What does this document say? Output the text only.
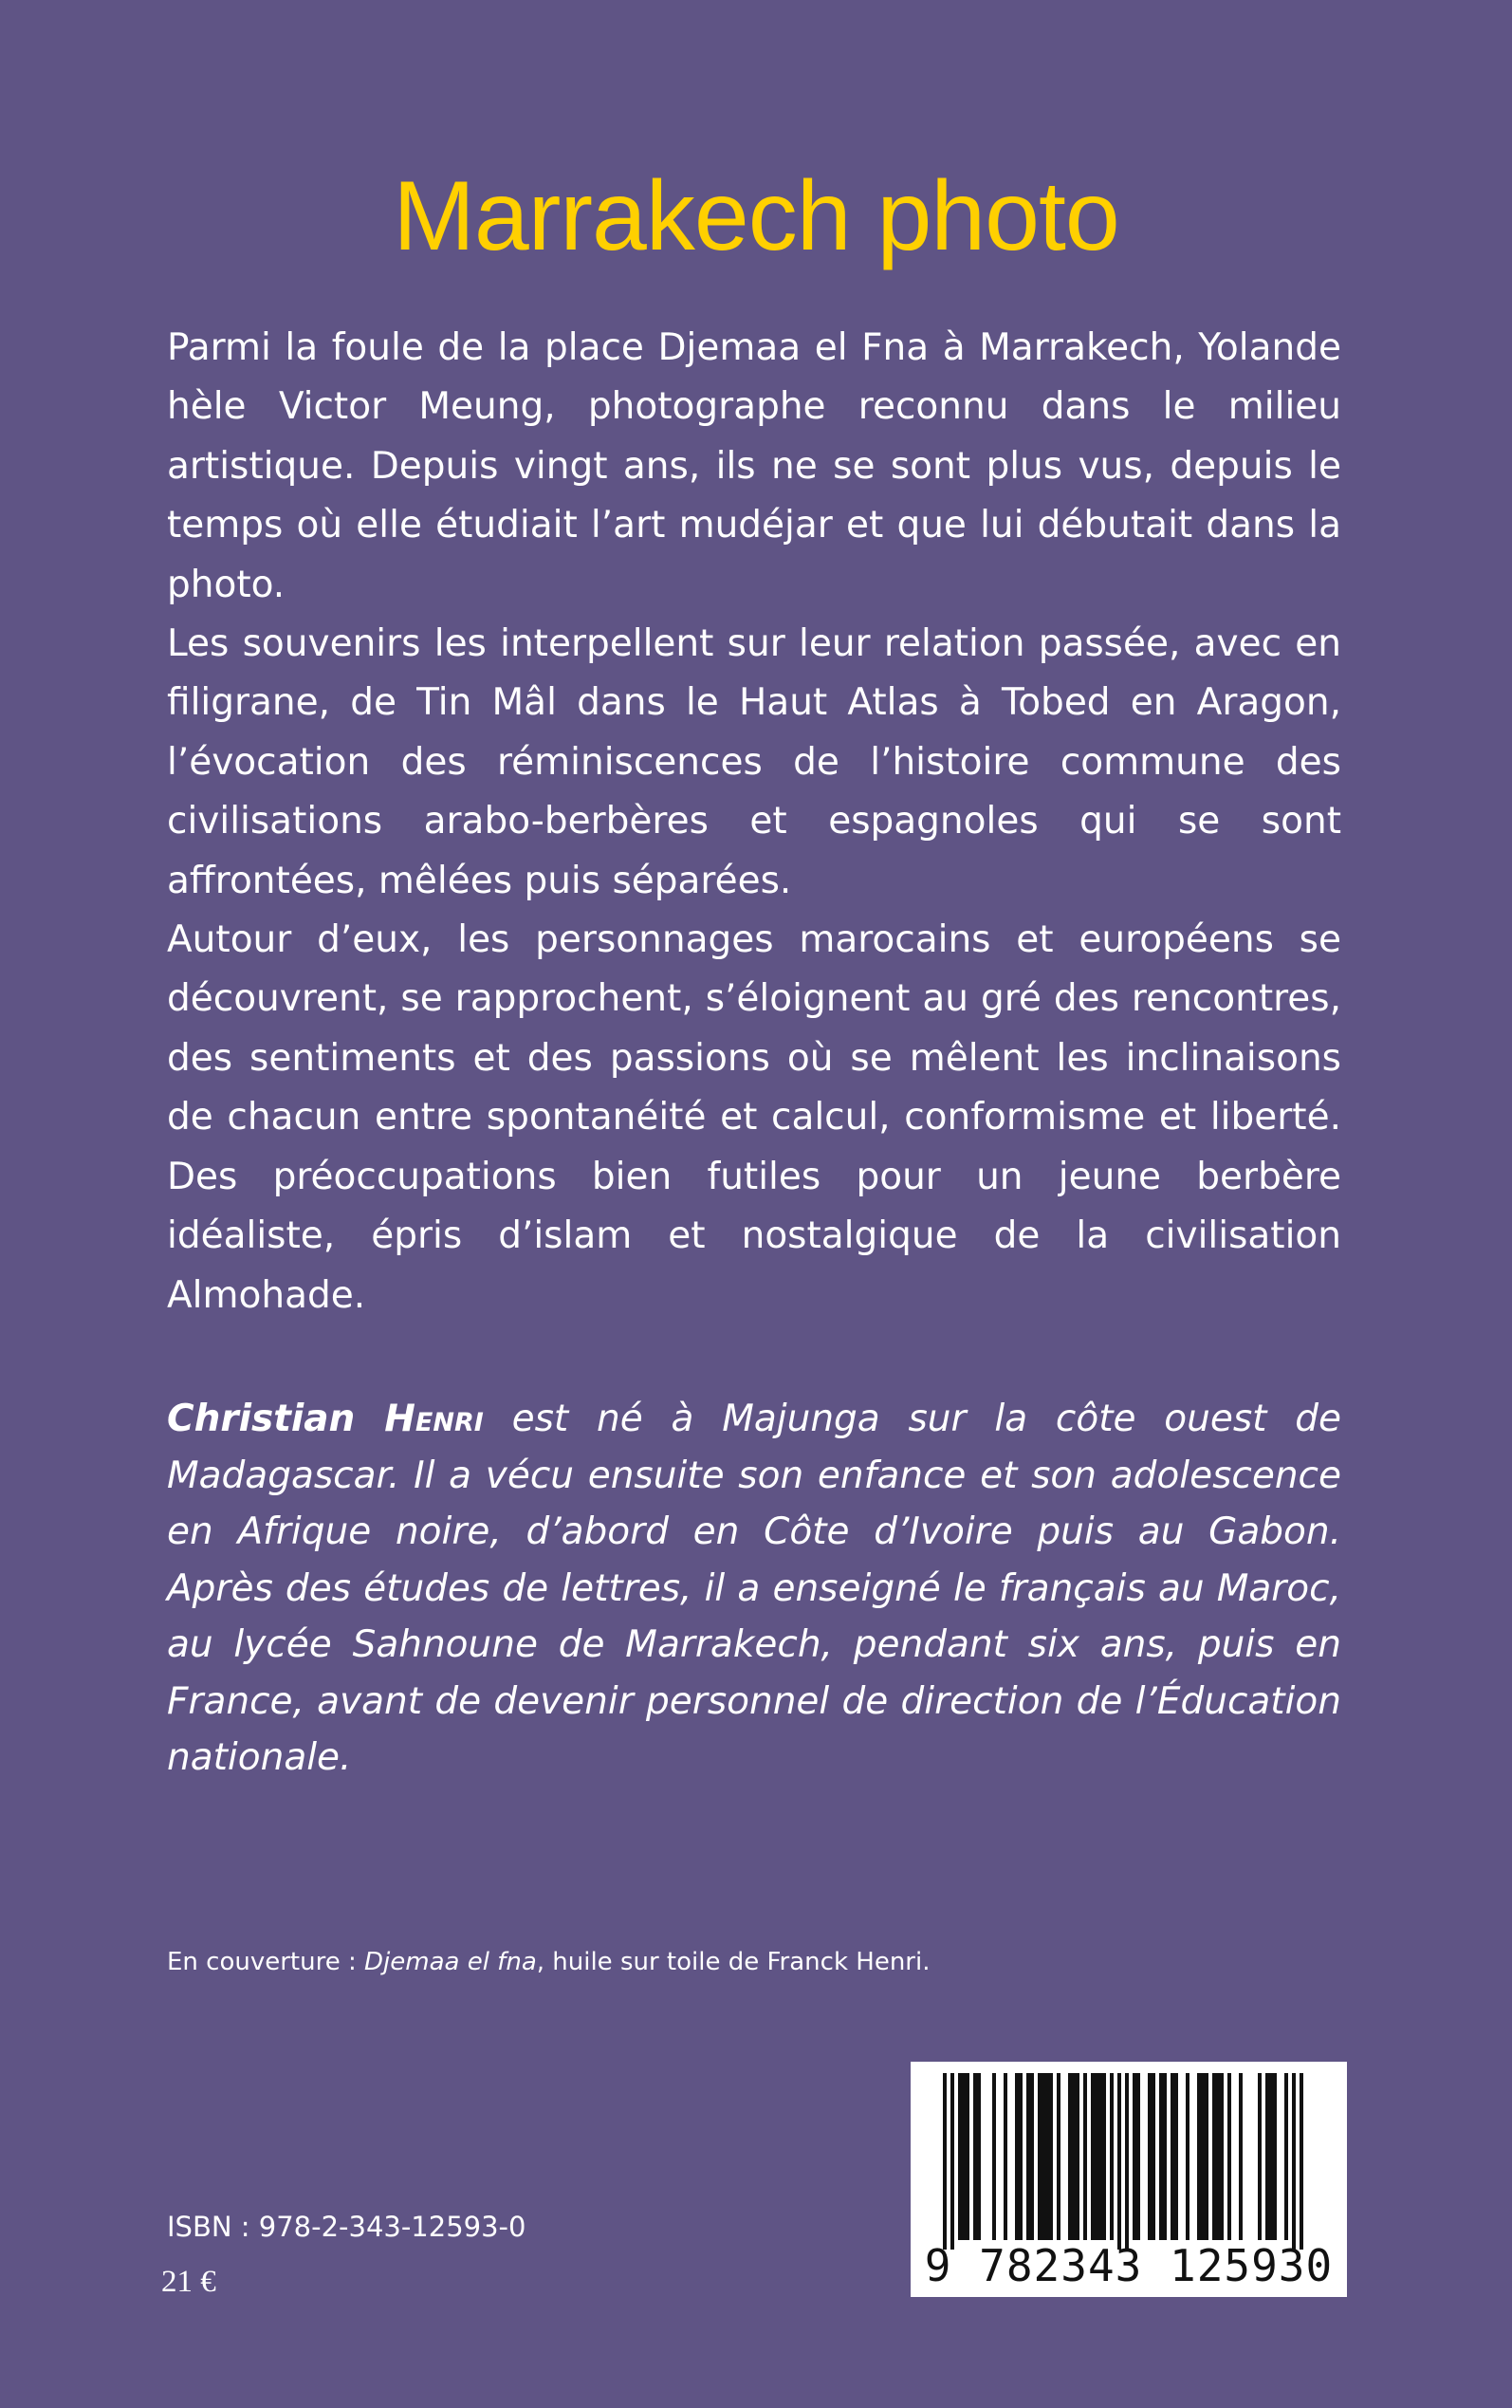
Marrakech photo

Parmi la foule de la place Djemaa el Fna à Marrakech, Yolande hèle Victor Meung, photographe reconnu dans le milieu artistique. Depuis vingt ans, ils ne se sont plus vus, depuis le temps où elle étudiait l’art mudéjar et que lui débutait dans la photo.

Les souvenirs les interpellent sur leur relation passée, avec en filigrane, de Tin Mâl dans le Haut Atlas à Tobed en Aragon, l’évocation des réminiscences de l’histoire commune des civilisations arabo-berbères et espagnoles qui se sont affrontées, mêlées puis séparées.

Autour d’eux, les personnages marocains et européens se découvrent, se rapprochent, s’éloignent au gré des rencontres, des sentiments et des passions où se mêlent les inclinaisons de chacun entre spontanéité et calcul, conformisme et liberté. Des préoccupations bien futiles pour un jeune berbère idéaliste, épris d’islam et nostalgique de la civilisation Almohade.

Christian Henri est né à Majunga sur la côte ouest de Madagascar. Il a vécu ensuite son enfance et son adolescence en Afrique noire, d’abord en Côte d’Ivoire puis au Gabon. Après des études de lettres, il a enseigné le français au Maroc, au lycée Sahnoune de Marrakech, pendant six ans, puis en France, avant de devenir personnel de direction de l’Éducation nationale.

En couverture : Djemaa el fna, huile sur toile de Franck Henri.
ISBN : 978-2-343-12593-0
21 €	9 782343 125930
